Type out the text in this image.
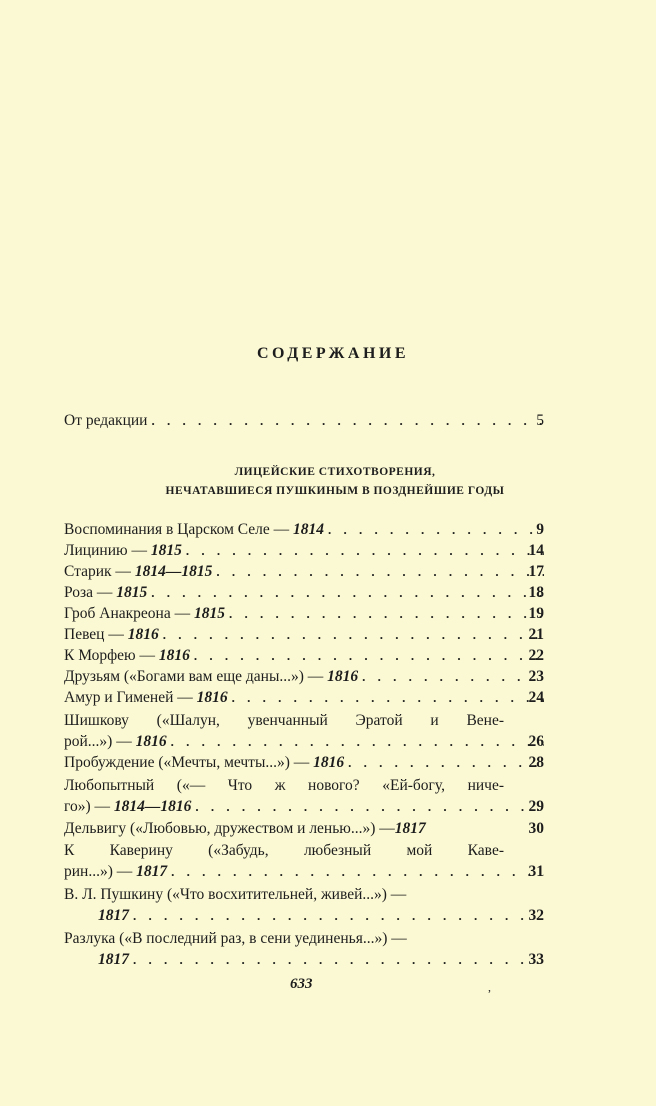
СОДЕРЖАНИЕ
От редакции . . .	5
ЛИЦЕЙСКИЕ СТИХОТВОРЕНИЯ,
НЕЧАТАВШИЕСЯ ПУШКИНЫМ В ПОЗДНЕЙШИЕ ГОДЫ
Воспоминания в Царском Селе — 1814 . . .	9
Лицинию — 1815 . . .	14
Старик — 1814—1815 . . .	17
Роза — 1815 . . .	18
Гроб Анакреона — 1815 . . .	19
Певец — 1816 . . .	21
К Морфею — 1816 . . .	22
Друзьям («Богами вам еще даны...») — 1816 . . .	23
Амур и Гименей — 1816 . . .	24
Шишкову («Шалун, увенчанный Эратой и Вене-
рой...») — 1816 . . .	26
Пробуждение («Мечты, мечты...») — 1816 . . .	28
Любопытный («— Что ж нового? «Ей-богу, ниче-
го») — 1814—1816 . . .	29
Дельвигу («Любовью, дружеством и ленью...») —1817	30
К Каверину («Забудь, любезный мой Кавe-
рин...») — 1817 . . .	31
В. Л. Пушкину («Что восхитительней, живей...») —
1817 . . .	32
Разлука («В последний раз, в сени уединенья...») —
1817 . . .	33
633	,
